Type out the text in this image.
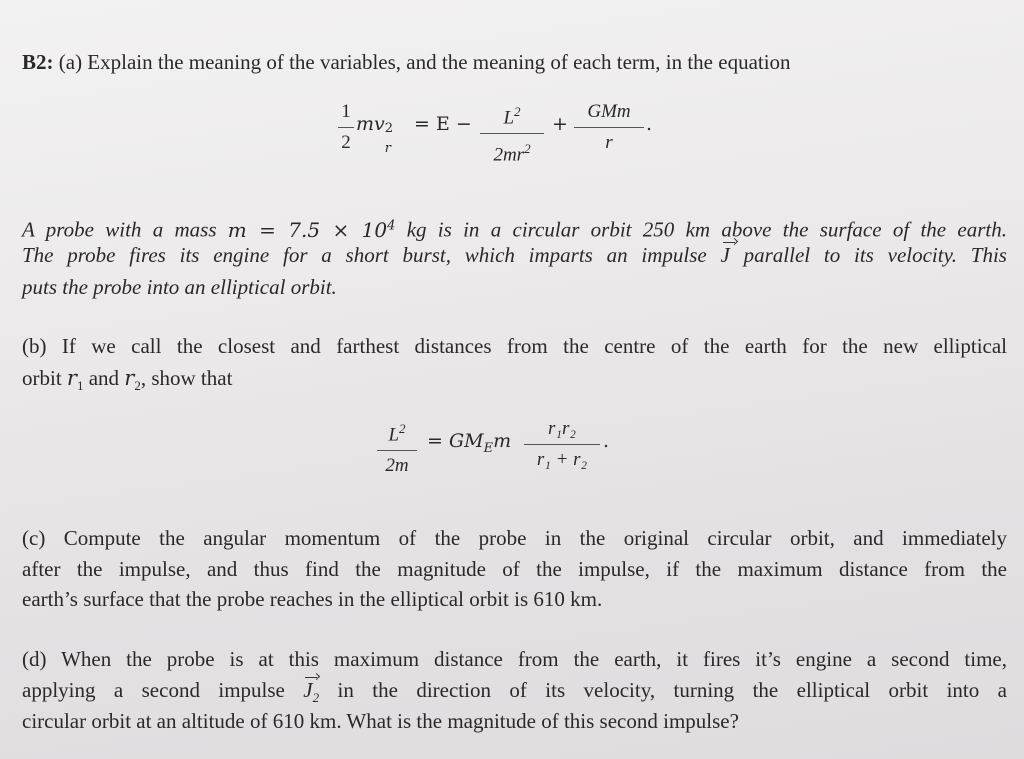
B2: (a) Explain the meaning of the variables, and the meaning of each term, in the equation
1
2
mv 2
r
= E −	$L^2$
$2mr^2$
+
GMm
r
.
A probe with a mass $m = 7.5 \times 10^4$ kg is in a circular orbit 250 km above the surface of the earth.
The probe fires its engine for a short burst, which imparts an impulse J parallel to its velocity. This
puts the probe into an elliptical orbit.
(b) If we call the closest and farthest distances from the centre of the earth for the new elliptical
orbit $r_1$ and $r_2$, show that
$L^2$
2m
= $GM_Em$
r₁r₂
r₁ + r₂
.
(c) Compute the angular momentum of the probe in the original circular orbit, and immediately
after the impulse, and thus find the magnitude of the impulse, if the maximum distance from the
earth’s surface that the probe reaches in the elliptical orbit is 610 km.
(d) When the probe is at this maximum distance from the earth, it fires it’s engine a second time,
applying a second impulse $J_2$ in the direction of its velocity, turning the elliptical orbit into a
circular orbit at an altitude of 610 km. What is the magnitude of this second impulse?
